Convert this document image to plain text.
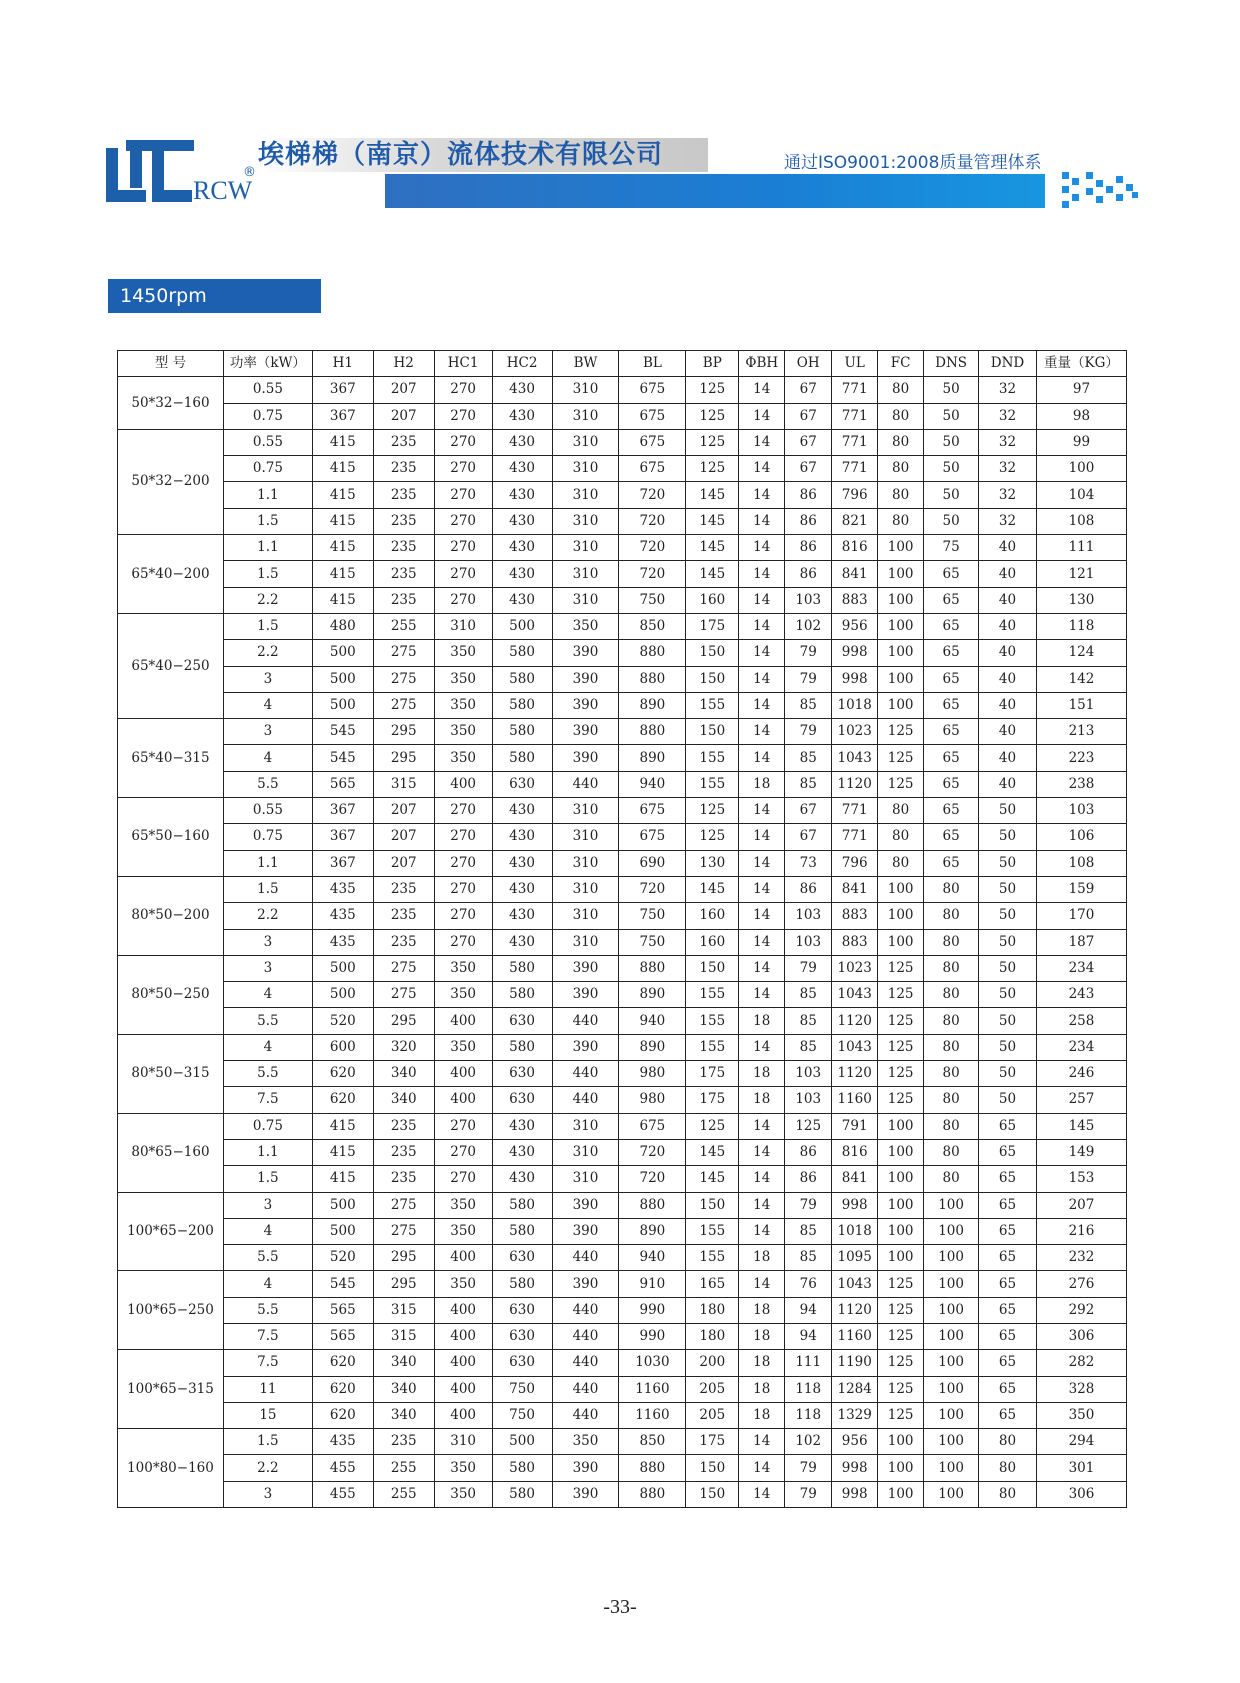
RCW
®
埃梯梯（南京）流体技术有限公司	通过ISO9001:2008质量管理体系
1450rpm
型 号	功率（kW）	H1	H2	HC1	HC2	BW	BL	BP	ΦBH	OH	UL	FC	DNS	DND	重量（KG）
50*32−160	0.55	367	207	270	430	310	675	125	14	67	771	80	50	32	97
	0.75	367	207	270	430	310	675	125	14	67	771	80	50	32	98
50*32−200	0.55	415	235	270	430	310	675	125	14	67	771	80	50	32	99
	0.75	415	235	270	430	310	675	125	14	67	771	80	50	32	100
	1.1	415	235	270	430	310	720	145	14	86	796	80	50	32	104
	1.5	415	235	270	430	310	720	145	14	86	821	80	50	32	108
65*40−200	1.1	415	235	270	430	310	720	145	14	86	816	100	75	40	111
	1.5	415	235	270	430	310	720	145	14	86	841	100	65	40	121
	2.2	415	235	270	430	310	750	160	14	103	883	100	65	40	130
65*40−250	1.5	480	255	310	500	350	850	175	14	102	956	100	65	40	118
	2.2	500	275	350	580	390	880	150	14	79	998	100	65	40	124
	3	500	275	350	580	390	880	150	14	79	998	100	65	40	142
	4	500	275	350	580	390	890	155	14	85	1018	100	65	40	151
65*40−315	3	545	295	350	580	390	880	150	14	79	1023	125	65	40	213
	4	545	295	350	580	390	890	155	14	85	1043	125	65	40	223
	5.5	565	315	400	630	440	940	155	18	85	1120	125	65	40	238
65*50−160	0.55	367	207	270	430	310	675	125	14	67	771	80	65	50	103
	0.75	367	207	270	430	310	675	125	14	67	771	80	65	50	106
	1.1	367	207	270	430	310	690	130	14	73	796	80	65	50	108
80*50−200	1.5	435	235	270	430	310	720	145	14	86	841	100	80	50	159
	2.2	435	235	270	430	310	750	160	14	103	883	100	80	50	170
	3	435	235	270	430	310	750	160	14	103	883	100	80	50	187
80*50−250	3	500	275	350	580	390	880	150	14	79	1023	125	80	50	234
	4	500	275	350	580	390	890	155	14	85	1043	125	80	50	243
	5.5	520	295	400	630	440	940	155	18	85	1120	125	80	50	258
80*50−315	4	600	320	350	580	390	890	155	14	85	1043	125	80	50	234
	5.5	620	340	400	630	440	980	175	18	103	1120	125	80	50	246
	7.5	620	340	400	630	440	980	175	18	103	1160	125	80	50	257
80*65−160	0.75	415	235	270	430	310	675	125	14	125	791	100	80	65	145
	1.1	415	235	270	430	310	720	145	14	86	816	100	80	65	149
	1.5	415	235	270	430	310	720	145	14	86	841	100	80	65	153
100*65−200	3	500	275	350	580	390	880	150	14	79	998	100	100	65	207
	4	500	275	350	580	390	890	155	14	85	1018	100	100	65	216
	5.5	520	295	400	630	440	940	155	18	85	1095	100	100	65	232
100*65−250	4	545	295	350	580	390	910	165	14	76	1043	125	100	65	276
	5.5	565	315	400	630	440	990	180	18	94	1120	125	100	65	292
	7.5	565	315	400	630	440	990	180	18	94	1160	125	100	65	306
100*65−315	7.5	620	340	400	630	440	1030	200	18	111	1190	125	100	65	282
	11	620	340	400	750	440	1160	205	18	118	1284	125	100	65	328
	15	620	340	400	750	440	1160	205	18	118	1329	125	100	65	350
100*80−160	1.5	435	235	310	500	350	850	175	14	102	956	100	100	80	294
	2.2	455	255	350	580	390	880	150	14	79	998	100	100	80	301
	3	455	255	350	580	390	880	150	14	79	998	100	100	80	306
-33-
